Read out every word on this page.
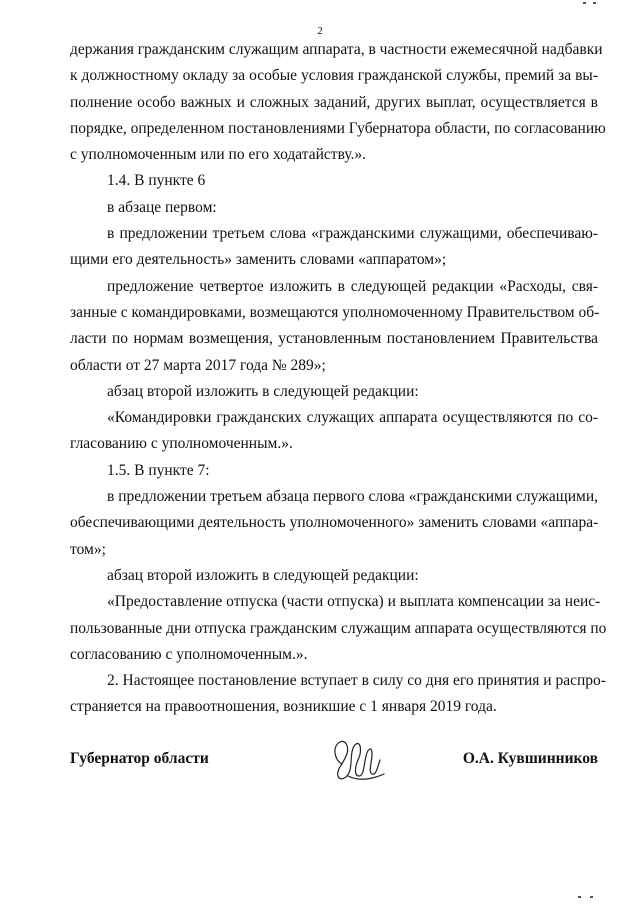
2
держания гражданским служащим аппарата, в частности ежемесячной надбавки
к должностному окладу за особые условия гражданской службы, премий за вы-
полнение особо важных и сложных заданий, других выплат, осуществляется в
порядке, определенном постановлениями Губернатора области, по согласованию
с уполномоченным или по его ходатайству.».
1.4. В пункте 6
в абзаце первом:
в предложении третьем слова «гражданскими служащими, обеспечиваю-
щими его деятельность» заменить словами «аппаратом»;
предложение четвертое изложить в следующей редакции «Расходы, свя-
занные с командировками, возмещаются уполномоченному Правительством об-
ласти по нормам возмещения, установленным постановлением Правительства
области от 27 марта 2017 года № 289»;
абзац второй изложить в следующей редакции:
«Командировки гражданских служащих аппарата осуществляются по со-
гласованию с уполномоченным.».
1.5. В пункте 7:
в предложении третьем абзаца первого слова «гражданскими служащими,
обеспечивающими деятельность уполномоченного» заменить словами «аппара-
том»;
абзац второй изложить в следующей редакции:
«Предоставление отпуска (части отпуска) и выплата компенсации за неис-
пользованные дни отпуска гражданским служащим аппарата осуществляются по
согласованию с уполномоченным.».
2. Настоящее постановление вступает в силу со дня его принятия и распро-
страняется на правоотношения, возникшие с 1 января 2019 года.
Губернатор области	О.А. Кувшинников
